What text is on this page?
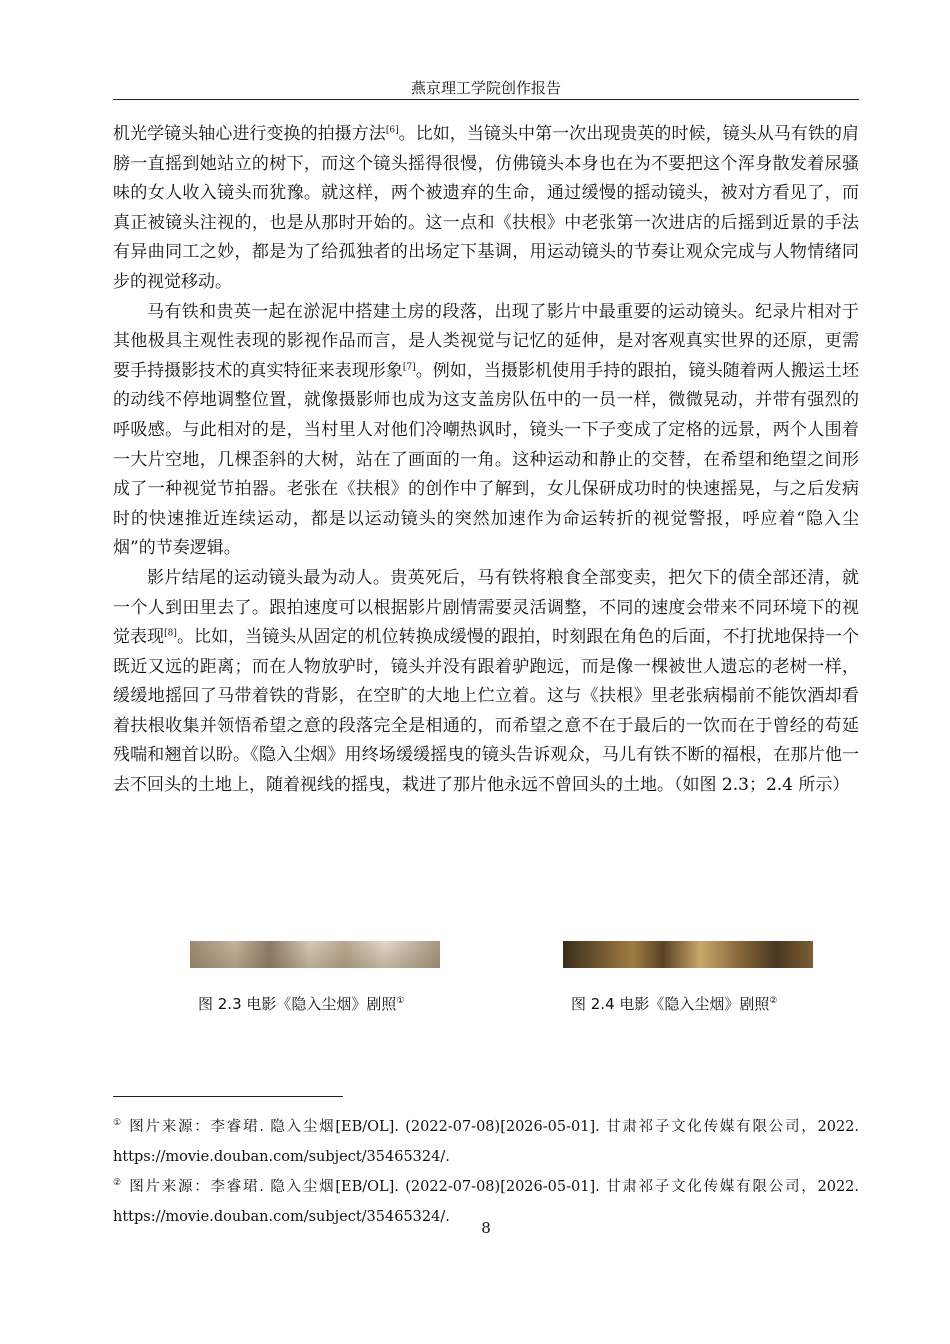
燕京理工学院创作报告

机光学镜头轴心进行变换的拍摄方法[6]。比如，当镜头中第一次出现贵英的时候，镜头从马有铁的肩膀一直摇到她站立的树下，而这个镜头摇得很慢，仿佛镜头本身也在为不要把这个浑身散发着尿骚味的女人收入镜头而犹豫。就这样，两个被遗弃的生命，通过缓慢的摇动镜头，被对方看见了，而真正被镜头注视的，也是从那时开始的。这一点和《扶根》中老张第一次进店的后摇到近景的手法有异曲同工之妙，都是为了给孤独者的出场定下基调，用运动镜头的节奏让观众完成与人物情绪同步的视觉移动。

马有铁和贵英一起在淤泥中搭建土房的段落，出现了影片中最重要的运动镜头。纪录片相对于其他极具主观性表现的影视作品而言，是人类视觉与记忆的延伸，是对客观真实世界的还原，更需要手持摄影技术的真实特征来表现形象[7]。例如，当摄影机使用手持的跟拍，镜头随着两人搬运土坯的动线不停地调整位置，就像摄影师也成为这支盖房队伍中的一员一样，微微晃动，并带有强烈的呼吸感。与此相对的是，当村里人对他们冷嘲热讽时，镜头一下子变成了定格的远景，两个人围着一大片空地，几棵歪斜的大树，站在了画面的一角。这种运动和静止的交替，在希望和绝望之间形成了一种视觉节拍器。老张在《扶根》的创作中了解到，女儿保研成功时的快速摇晃，与之后发病时的快速推近连续运动，都是以运动镜头的突然加速作为命运转折的视觉警报，呼应着“隐入尘烟”的节奏逻辑。

影片结尾的运动镜头最为动人。贵英死后，马有铁将粮食全部变卖，把欠下的债全部还清，就一个人到田里去了。跟拍速度可以根据影片剧情需要灵活调整，不同的速度会带来不同环境下的视觉表现[8]。比如，当镜头从固定的机位转换成缓慢的跟拍，时刻跟在角色的后面，不打扰地保持一个既近又远的距离；而在人物放驴时，镜头并没有跟着驴跑远，而是像一棵被世人遗忘的老树一样，缓缓地摇回了马带着铁的背影，在空旷的大地上伫立着。这与《扶根》里老张病榻前不能饮酒却看着扶根收集并领悟希望之意的段落完全是相通的，而希望之意不在于最后的一饮而在于曾经的苟延残喘和翘首以盼。《隐入尘烟》用终场缓缓摇曳的镜头告诉观众，马儿有铁不断的福根，在那片他一去不回头的土地上，随着视线的摇曳，栽进了那片他永远不曾回头的土地。（如图 2.3；2.4 所示）

图 2.3 电影《隐入尘烟》剧照①	图 2.4 电影《隐入尘烟》剧照②

① 图片来源：李睿珺. 隐入尘烟[EB/OL]. (2022-07-08)[2026-05-01]. 甘肃祁子文化传媒有限公司，2022. https://movie.douban.com/subject/35465324/.

② 图片来源：李睿珺. 隐入尘烟[EB/OL]. (2022-07-08)[2026-05-01]. 甘肃祁子文化传媒有限公司，2022. https://movie.douban.com/subject/35465324/.

8
